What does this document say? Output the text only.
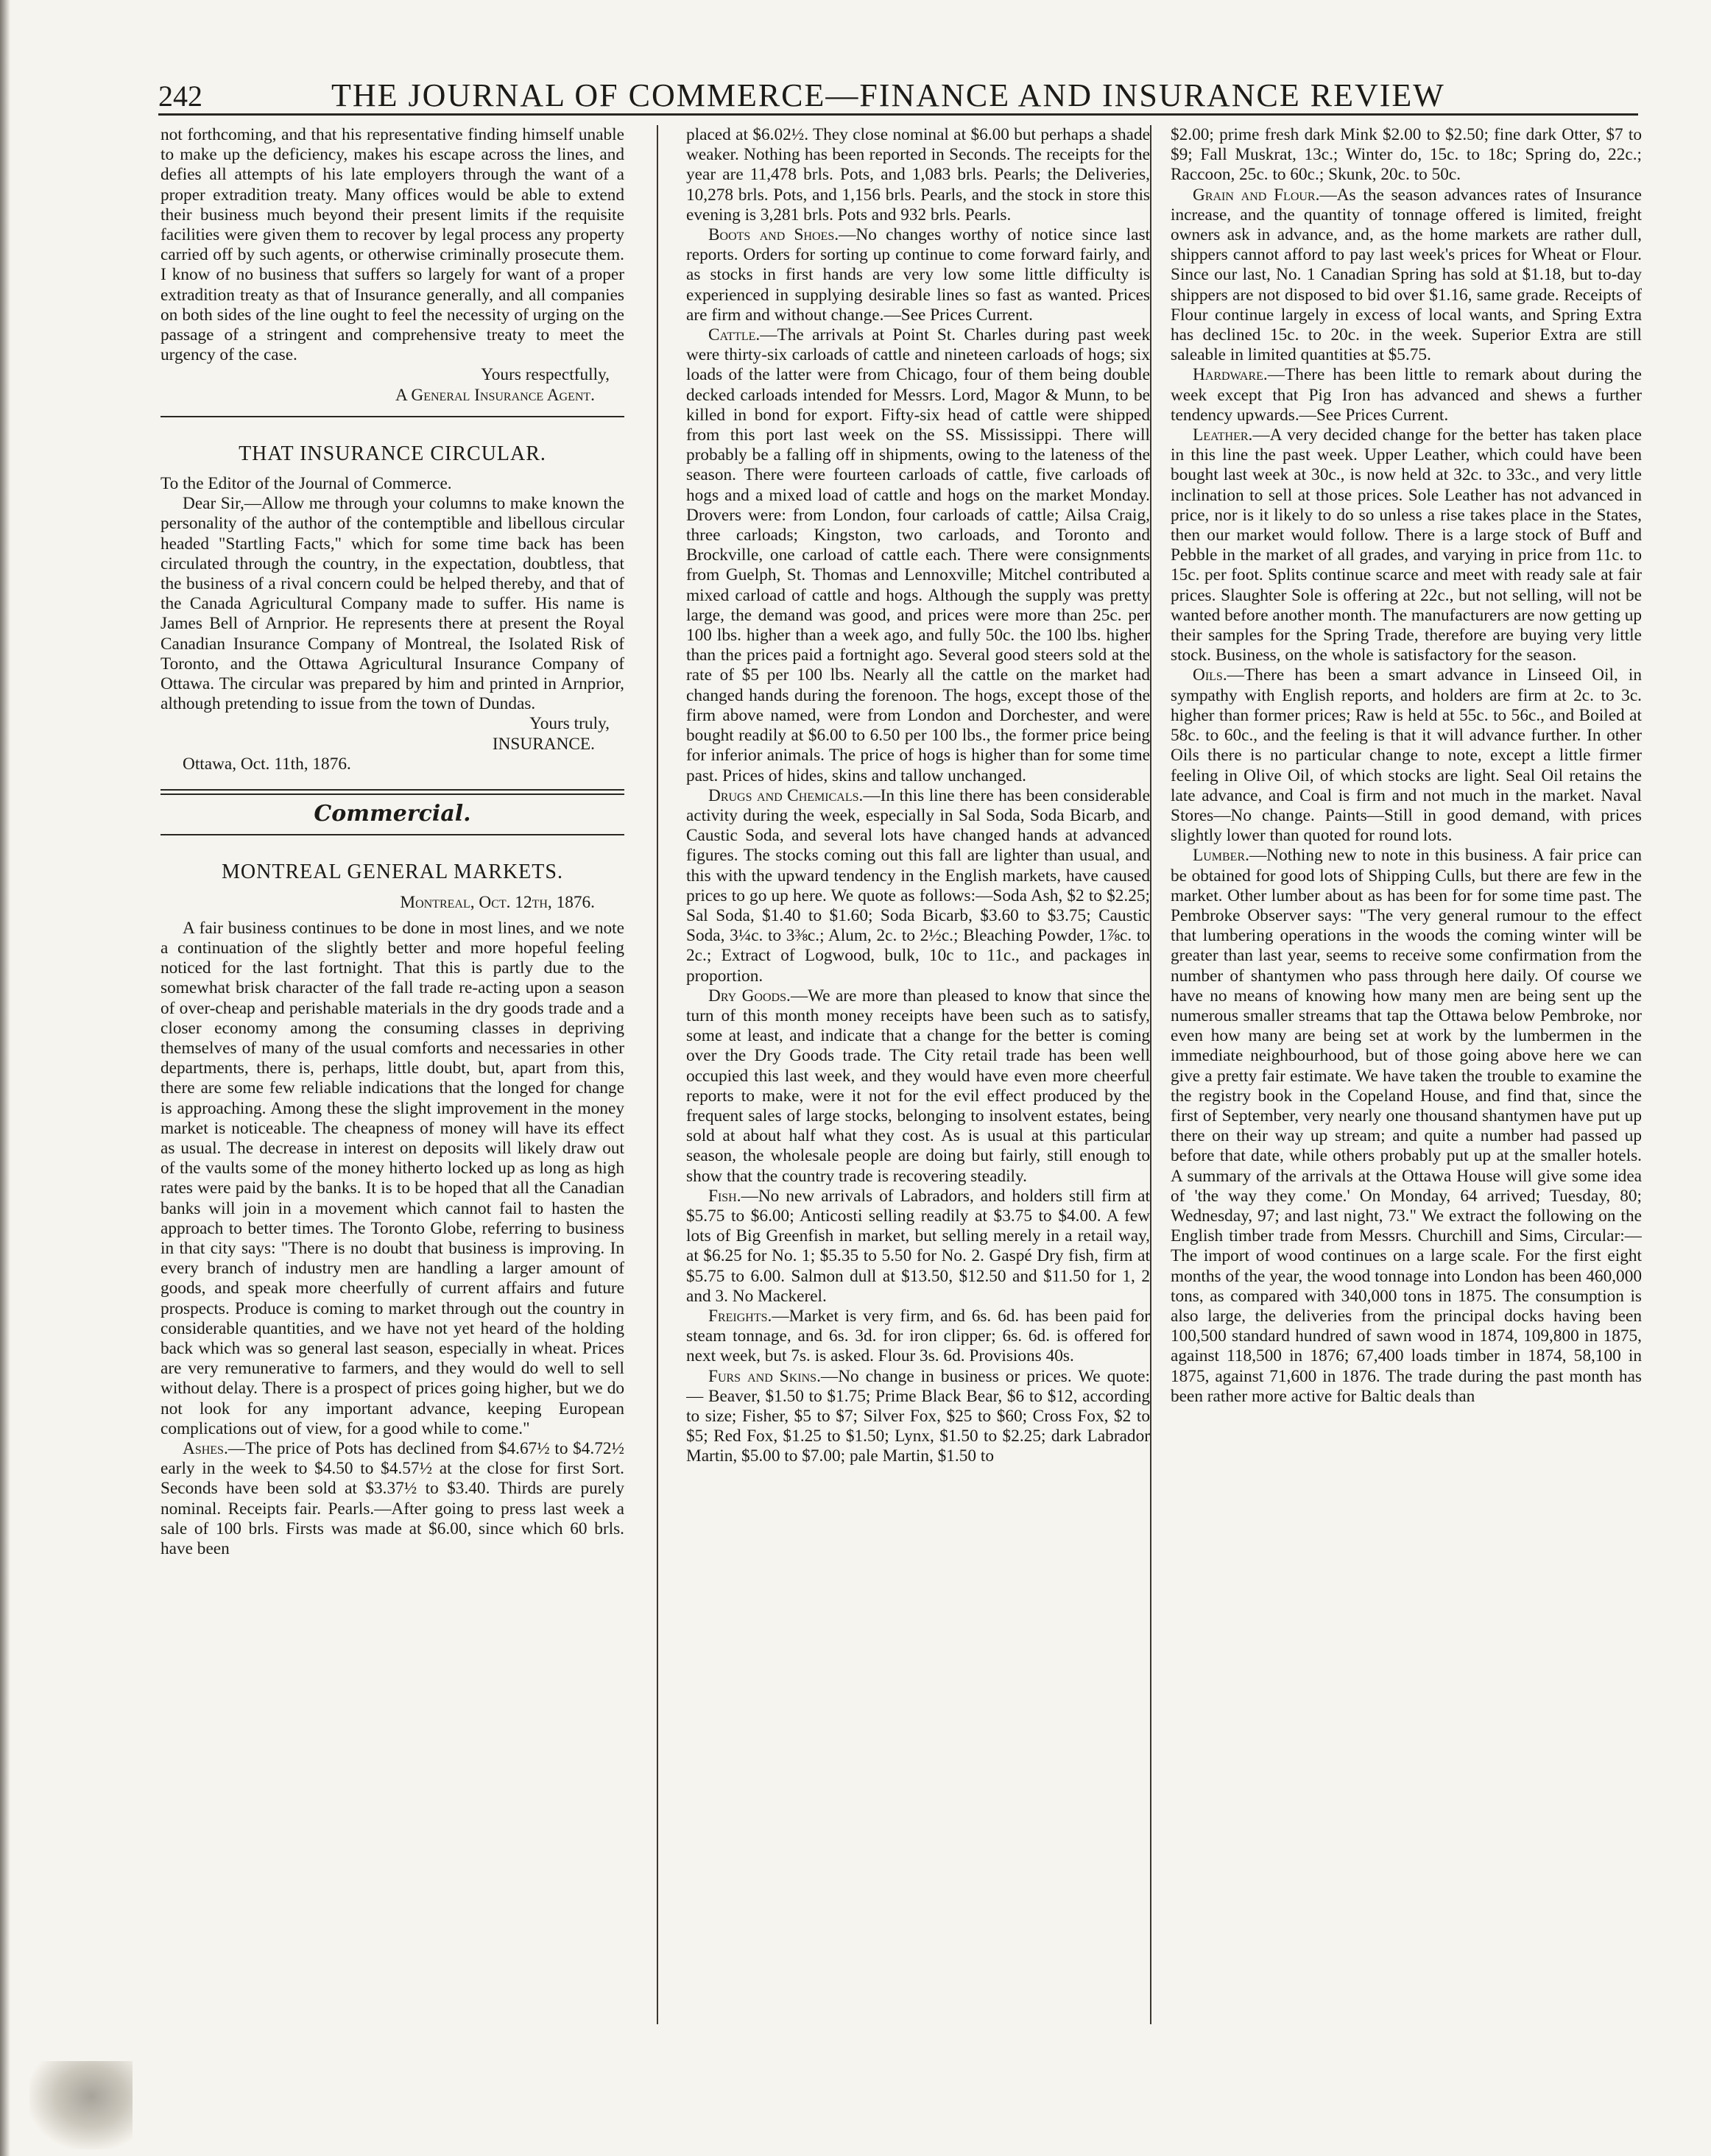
242	THE JOURNAL OF COMMERCE—FINANCE AND INSURANCE REVIEW

not forthcoming, and that his representative finding himself unable to make up the deficiency, makes his escape across the lines, and defies all attempts of his late employers through the want of a proper extradition treaty. Many offices would be able to extend their business much beyond their present limits if the requisite facilities were given them to recover by legal process any property carried off by such agents, or otherwise criminally prosecute them. I know of no business that suffers so largely for want of a proper extradition treaty as that of Insurance generally, and all companies on both sides of the line ought to feel the necessity of urging on the passage of a stringent and comprehensive treaty to meet the urgency of the case.

Yours respectfully,

A General Insurance Agent.

THAT INSURANCE CIRCULAR.

To the Editor of the Journal of Commerce.

Dear Sir,—Allow me through your columns to make known the personality of the author of the contemptible and libellous circular headed "Startling Facts," which for some time back has been circulated through the country, in the expectation, doubtless, that the business of a rival concern could be helped thereby, and that of the Canada Agricultural Company made to suffer. His name is James Bell of Arnprior. He represents there at present the Royal Canadian Insurance Company of Montreal, the Isolated Risk of Toronto, and the Ottawa Agricultural Insurance Company of Ottawa. The circular was prepared by him and printed in Arnprior, although pretending to issue from the town of Dundas.

Yours truly,

INSURANCE.

Ottawa, Oct. 11th, 1876.

Commercial.
MONTREAL GENERAL MARKETS.

Montreal, Oct. 12th, 1876.

A fair business continues to be done in most lines, and we note a continuation of the slightly better and more hopeful feeling noticed for the last fortnight. That this is partly due to the somewhat brisk character of the fall trade re-acting upon a season of over-cheap and perishable materials in the dry goods trade and a closer economy among the consuming classes in depriving themselves of many of the usual comforts and necessaries in other departments, there is, perhaps, little doubt, but, apart from this, there are some few reliable indications that the longed for change is approaching. Among these the slight improvement in the money market is noticeable. The cheapness of money will have its effect as usual. The decrease in interest on deposits will likely draw out of the vaults some of the money hitherto locked up as long as high rates were paid by the banks. It is to be hoped that all the Canadian banks will join in a movement which cannot fail to hasten the approach to better times. The Toronto Globe, referring to business in that city says: "There is no doubt that business is improving. In every branch of industry men are handling a larger amount of goods, and speak more cheerfully of current affairs and future prospects. Produce is coming to market through out the country in considerable quantities, and we have not yet heard of the holding back which was so general last season, especially in wheat. Prices are very remunerative to farmers, and they would do well to sell without delay. There is a prospect of prices going higher, but we do not look for any important advance, keeping European complications out of view, for a good while to come."

Ashes.—The price of Pots has declined from $4.67½ to $4.72½ early in the week to $4.50 to $4.57½ at the close for first Sort. Seconds have been sold at $3.37½ to $3.40. Thirds are purely nominal. Receipts fair. Pearls.—After going to press last week a sale of 100 brls. Firsts was made at $6.00, since which 60 brls. have been

placed at $6.02½. They close nominal at $6.00 but perhaps a shade weaker. Nothing has been reported in Seconds. The receipts for the year are 11,478 brls. Pots, and 1,083 brls. Pearls; the Deliveries, 10,278 brls. Pots, and 1,156 brls. Pearls, and the stock in store this evening is 3,281 brls. Pots and 932 brls. Pearls.

Boots and Shoes.—No changes worthy of notice since last reports. Orders for sorting up continue to come forward fairly, and as stocks in first hands are very low some little difficulty is experienced in supplying desirable lines so fast as wanted. Prices are firm and without change.—See Prices Current.

Cattle.—The arrivals at Point St. Charles during past week were thirty-six carloads of cattle and nineteen carloads of hogs; six loads of the latter were from Chicago, four of them being double decked carloads intended for Messrs. Lord, Magor & Munn, to be killed in bond for export. Fifty-six head of cattle were shipped from this port last week on the SS. Mississippi. There will probably be a falling off in shipments, owing to the lateness of the season. There were fourteen carloads of cattle, five carloads of hogs and a mixed load of cattle and hogs on the market Monday. Drovers were: from London, four carloads of cattle; Ailsa Craig, three carloads; Kingston, two carloads, and Toronto and Brockville, one carload of cattle each. There were consignments from Guelph, St. Thomas and Lennoxville; Mitchel contributed a mixed carload of cattle and hogs. Although the supply was pretty large, the demand was good, and prices were more than 25c. per 100 lbs. higher than a week ago, and fully 50c. the 100 lbs. higher than the prices paid a fortnight ago. Several good steers sold at the rate of $5 per 100 lbs. Nearly all the cattle on the market had changed hands during the forenoon. The hogs, except those of the firm above named, were from London and Dorchester, and were bought readily at $6.00 to 6.50 per 100 lbs., the former price being for inferior animals. The price of hogs is higher than for some time past. Prices of hides, skins and tallow unchanged.

Drugs and Chemicals.—In this line there has been considerable activity during the week, especially in Sal Soda, Soda Bicarb, and Caustic Soda, and several lots have changed hands at advanced figures. The stocks coming out this fall are lighter than usual, and this with the upward tendency in the English markets, have caused prices to go up here. We quote as follows:—Soda Ash, $2 to $2.25; Sal Soda, $1.40 to $1.60; Soda Bicarb, $3.60 to $3.75; Caustic Soda, 3¼c. to 3⅜c.; Alum, 2c. to 2½c.; Bleaching Powder, 1⅞c. to 2c.; Extract of Logwood, bulk, 10c to 11c., and packages in proportion.

Dry Goods.—We are more than pleased to know that since the turn of this month money receipts have been such as to satisfy, some at least, and indicate that a change for the better is coming over the Dry Goods trade. The City retail trade has been well occupied this last week, and they would have even more cheerful reports to make, were it not for the evil effect produced by the frequent sales of large stocks, belonging to insolvent estates, being sold at about half what they cost. As is usual at this particular season, the wholesale people are doing but fairly, still enough to show that the country trade is recovering steadily.

Fish.—No new arrivals of Labradors, and holders still firm at $5.75 to $6.00; Anticosti selling readily at $3.75 to $4.00. A few lots of Big Greenfish in market, but selling merely in a retail way, at $6.25 for No. 1; $5.35 to 5.50 for No. 2. Gaspé Dry fish, firm at $5.75 to 6.00. Salmon dull at $13.50, $12.50 and $11.50 for 1, 2 and 3. No Mackerel.

Freights.—Market is very firm, and 6s. 6d. has been paid for steam tonnage, and 6s. 3d. for iron clipper; 6s. 6d. is offered for next week, but 7s. is asked. Flour 3s. 6d. Provisions 40s.

Furs and Skins.—No change in business or prices. We quote: — Beaver, $1.50 to $1.75; Prime Black Bear, $6 to $12, according to size; Fisher, $5 to $7; Silver Fox, $25 to $60; Cross Fox, $2 to $5; Red Fox, $1.25 to $1.50; Lynx, $1.50 to $2.25; dark Labrador Martin, $5.00 to $7.00; pale Martin, $1.50 to

$2.00; prime fresh dark Mink $2.00 to $2.50; fine dark Otter, $7 to $9; Fall Muskrat, 13c.; Winter do, 15c. to 18c; Spring do, 22c.; Raccoon, 25c. to 60c.; Skunk, 20c. to 50c.

Grain and Flour.—As the season advances rates of Insurance increase, and the quantity of tonnage offered is limited, freight owners ask in advance, and, as the home markets are rather dull, shippers cannot afford to pay last week's prices for Wheat or Flour. Since our last, No. 1 Canadian Spring has sold at $1.18, but to-day shippers are not disposed to bid over $1.16, same grade. Receipts of Flour continue largely in excess of local wants, and Spring Extra has declined 15c. to 20c. in the week. Superior Extra are still saleable in limited quantities at $5.75.

Hardware.—There has been little to remark about during the week except that Pig Iron has advanced and shews a further tendency upwards.—See Prices Current.

Leather.—A very decided change for the better has taken place in this line the past week. Upper Leather, which could have been bought last week at 30c., is now held at 32c. to 33c., and very little inclination to sell at those prices. Sole Leather has not advanced in price, nor is it likely to do so unless a rise takes place in the States, then our market would follow. There is a large stock of Buff and Pebble in the market of all grades, and varying in price from 11c. to 15c. per foot. Splits continue scarce and meet with ready sale at fair prices. Slaughter Sole is offering at 22c., but not selling, will not be wanted before another month. The manufacturers are now getting up their samples for the Spring Trade, therefore are buying very little stock. Business, on the whole is satisfactory for the season.

Oils.—There has been a smart advance in Linseed Oil, in sympathy with English reports, and holders are firm at 2c. to 3c. higher than former prices; Raw is held at 55c. to 56c., and Boiled at 58c. to 60c., and the feeling is that it will advance further. In other Oils there is no particular change to note, except a little firmer feeling in Olive Oil, of which stocks are light. Seal Oil retains the late advance, and Coal is firm and not much in the market. Naval Stores—No change. Paints—Still in good demand, with prices slightly lower than quoted for round lots.

Lumber.—Nothing new to note in this business. A fair price can be obtained for good lots of Shipping Culls, but there are few in the market. Other lumber about as has been for for some time past. The Pembroke Observer says: "The very general rumour to the effect that lumbering operations in the woods the coming winter will be greater than last year, seems to receive some confirmation from the number of shantymen who pass through here daily. Of course we have no means of knowing how many men are being sent up the numerous smaller streams that tap the Ottawa below Pembroke, nor even how many are being set at work by the lumbermen in the immediate neighbourhood, but of those going above here we can give a pretty fair estimate. We have taken the trouble to examine the the registry book in the Copeland House, and find that, since the first of September, very nearly one thousand shantymen have put up there on their way up stream; and quite a number had passed up before that date, while others probably put up at the smaller hotels. A summary of the arrivals at the Ottawa House will give some idea of 'the way they come.' On Monday, 64 arrived; Tuesday, 80; Wednesday, 97; and last night, 73." We extract the following on the English timber trade from Messrs. Churchill and Sims, Circular:—The import of wood continues on a large scale. For the first eight months of the year, the wood tonnage into London has been 460,000 tons, as compared with 340,000 tons in 1875. The consumption is also large, the deliveries from the principal docks having been 100,500 standard hundred of sawn wood in 1874, 109,800 in 1875, against 118,500 in 1876; 67,400 loads timber in 1874, 58,100 in 1875, against 71,600 in 1876. The trade during the past month has been rather more active for Baltic deals than
